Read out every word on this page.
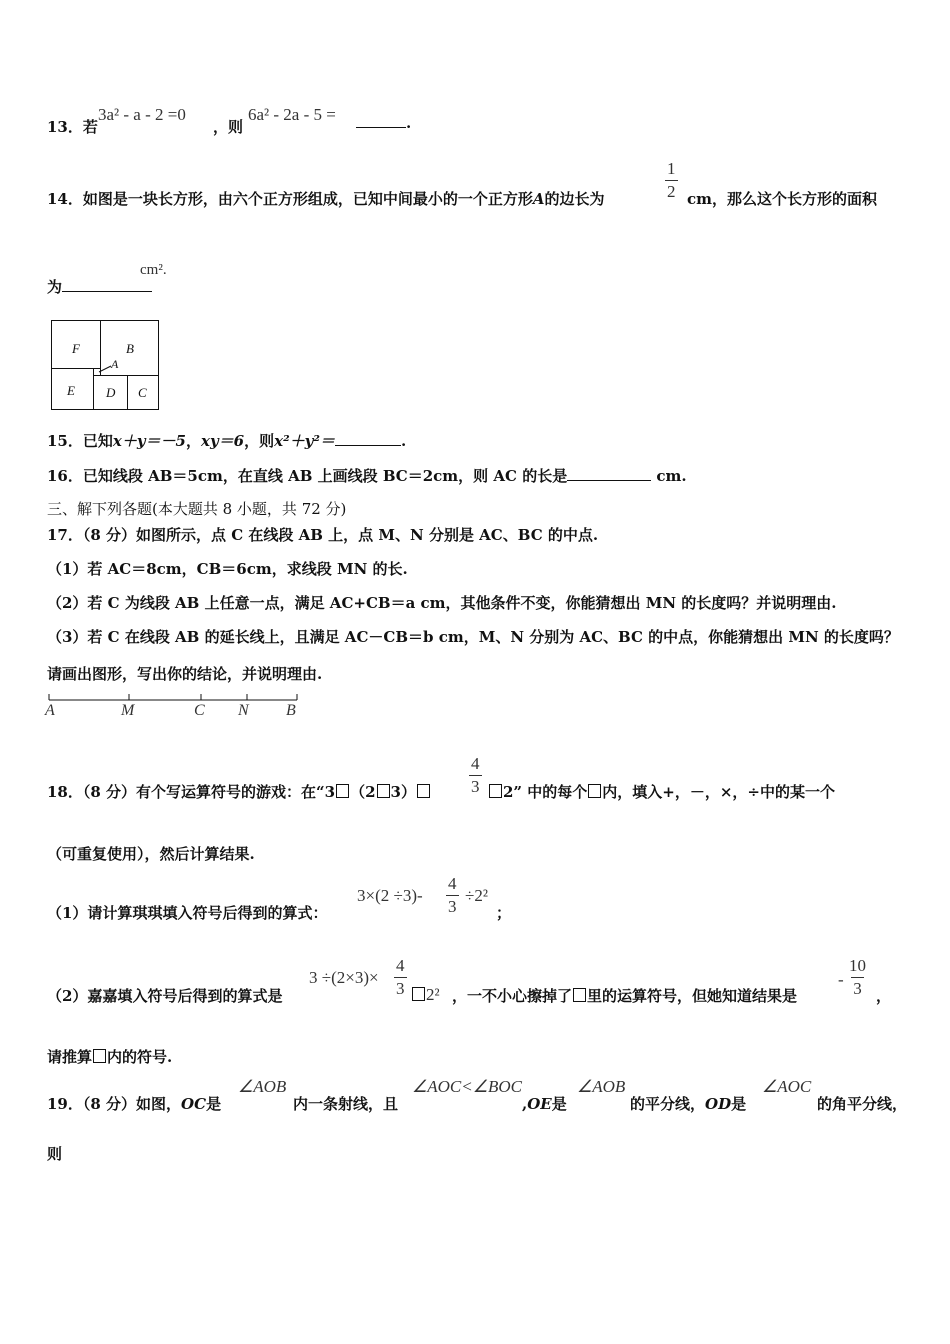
13．若
3a² - a - 2 =0
，则
6a² - 2a - 5 =	.
14．如图是一块长方形，由六个正方形组成，已知中间最小的一个正方形A的边长为	$\frac{1}{2}$ cm，那么这个长方形的面积
为
cm².
F	B
A
E D C
15．已知x＋y＝－5，xy＝6，则x²＋y²＝	.
16．已知线段 AB＝5cm，在直线 AB 上画线段 BC＝2cm，则 AC 的长是	cm.
三、解下列各题(本大题共 8 小题，共 72 分)
17．（8 分）如图所示，点 C 在线段 AB 上，点 M、N 分别是 AC、BC 的中点.
（1）若 AC＝8cm，CB＝6cm，求线段 MN 的长.
（2）若 C 为线段 AB 上任意一点，满足 AC+CB＝a cm，其他条件不变，你能猜想出 MN 的长度吗？并说明理由.
（3）若 C 在线段 AB 的延长线上，且满足 AC－CB＝b cm，M、N 分别为 AC、BC 的中点，你能猜想出 MN 的长度吗？
请画出图形，写出你的结论，并说明理由.
A	M	C N B
18．（8 分）有个写运算符号的游戏：在“3 （2 3）	$\frac{4}{3}$	2” 中的每个 内，填入+，－，×，÷中的某一个
（可重复使用），然后计算结果.
（1）请计算琪琪填入符号后得到的算式：
$3\times(2 \div 3)- \frac{4}{3} \div 2^2$
；
（2）嘉嘉填入符号后得到的算式是
$3 \div(2\times 3)\times \frac{4}{3}$	2² ，一不小心擦掉了 里的运算符号，但她知道结果是
- $\frac{10}{3}$ ，
请推算 内的符号.
19．（8 分）如图，OC是
∠AOB
内一条射线，且
∠AOC<∠BOC
,OE是
∠AOB
的平分线，OD是
∠AOC
的角平分线，
则
